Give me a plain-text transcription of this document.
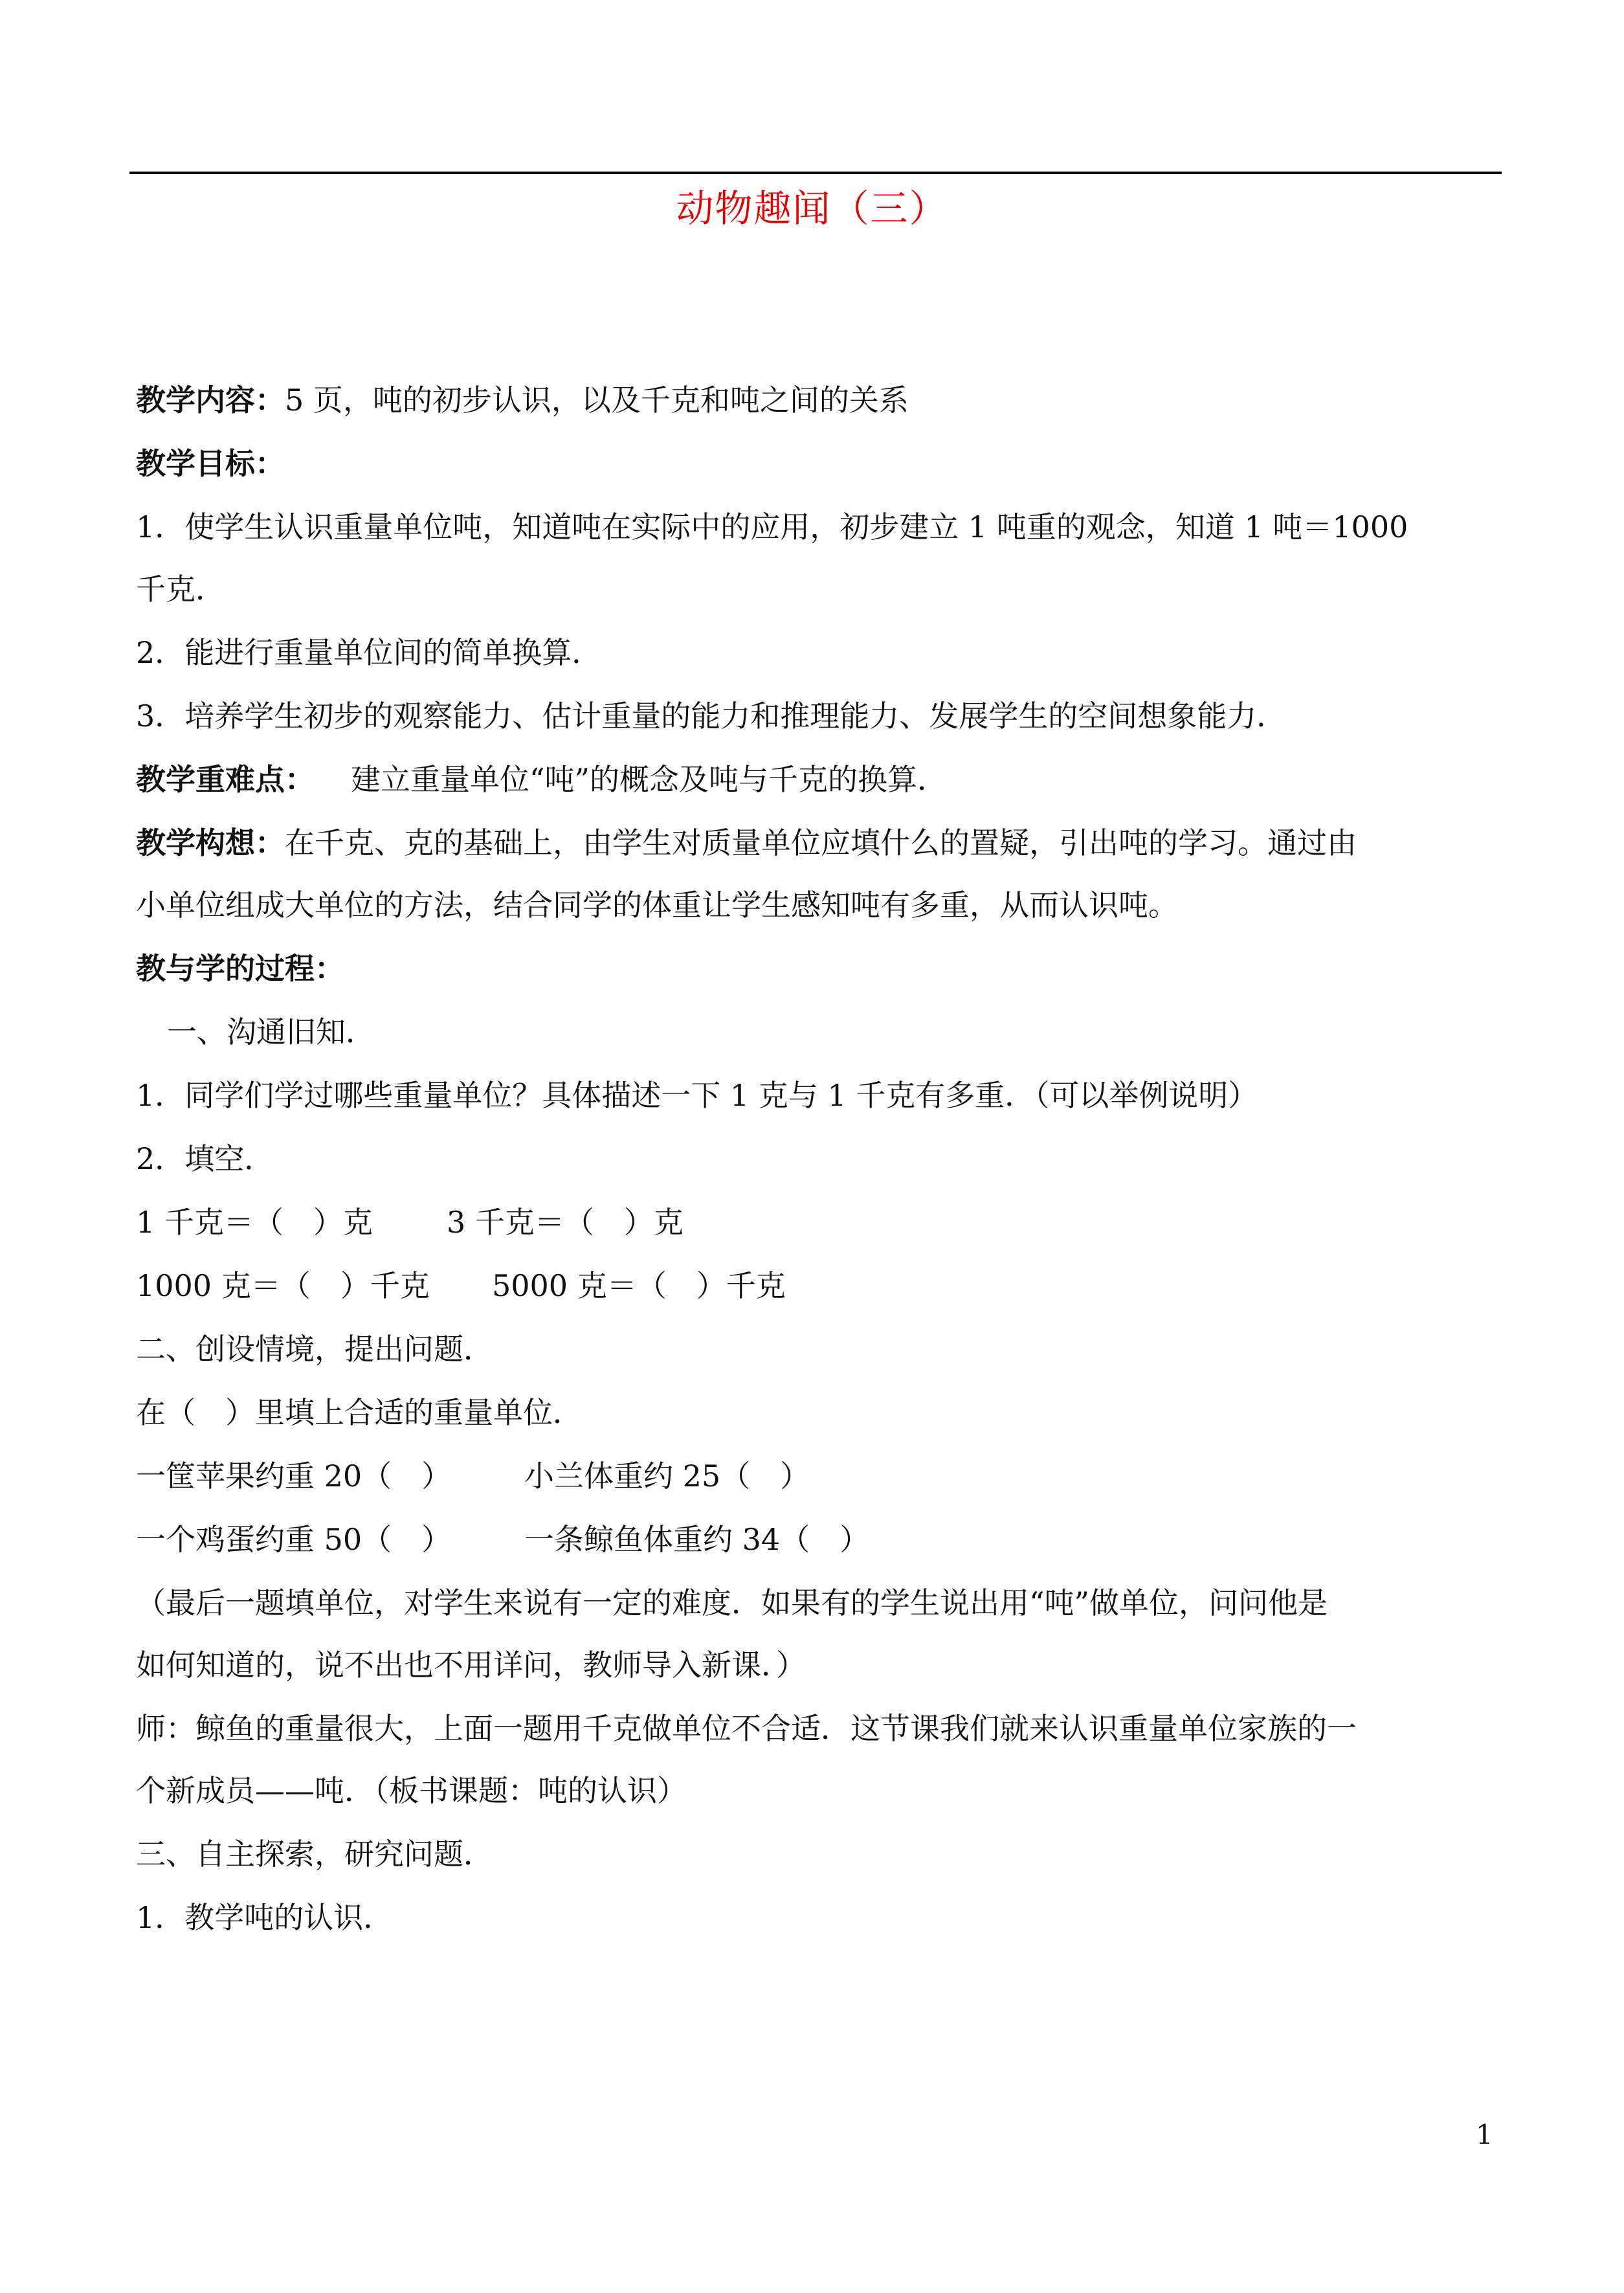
动物趣闻（三）
教学内容：5 页，吨的初步认识，以及千克和吨之间的关系
教学目标：
1．使学生认识重量单位吨，知道吨在实际中的应用，初步建立 1 吨重的观念，知道 1 吨＝1000
千克．
2．能进行重量单位间的简单换算．
3．培养学生初步的观察能力、估计重量的能力和推理能力、发展学生的空间想象能力．
教学重难点： 建立重量单位“吨”的概念及吨与千克的换算．
教学构想：在千克、克的基础上，由学生对质量单位应填什么的置疑，引出吨的学习。通过由
小单位组成大单位的方法，结合同学的体重让学生感知吨有多重，从而认识吨。
教与学的过程：
一、沟通旧知．
1．同学们学过哪些重量单位？具体描述一下 1 克与 1 千克有多重．（可以举例说明）
2．填空．
1 千克＝（　）克 3 千克＝（　）克
1000 克＝（　）千克 5000 克＝（　）千克
二、创设情境，提出问题．
在（　）里填上合适的重量单位．
一筐苹果约重 20（　） 小兰体重约 25（　）
一个鸡蛋约重 50（　） 一条鲸鱼体重约 34（　）
（最后一题填单位，对学生来说有一定的难度．如果有的学生说出用“吨”做单位，问问他是
如何知道的，说不出也不用详问，教师导入新课．）
师：鲸鱼的重量很大，上面一题用千克做单位不合适．这节课我们就来认识重量单位家族的一
个新成员——吨．（板书课题：吨的认识）
三、自主探索，研究问题．
1．教学吨的认识．
1
